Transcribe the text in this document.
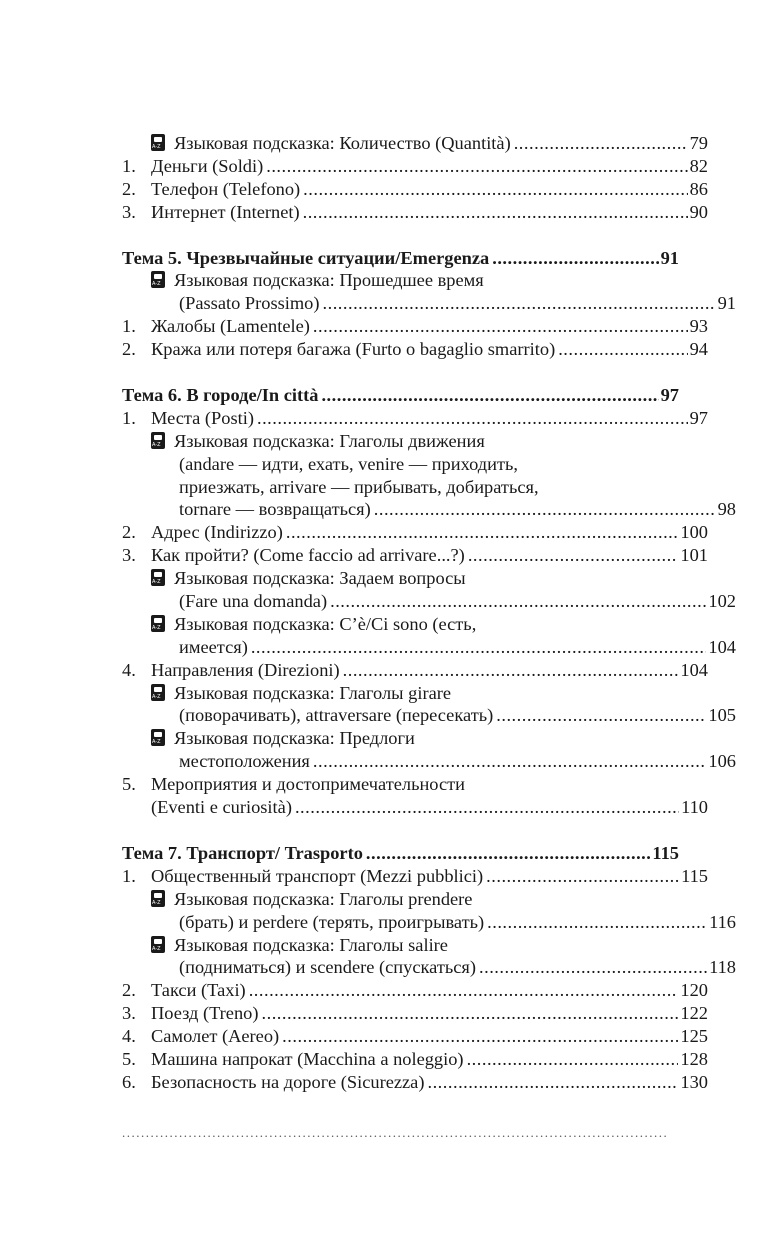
A-Z
Языковая подсказка: Количество (Quantità) .....	79
1. Деньги (Soldi) .....	82
2. Телефон (Telefono) .....	86
3. Интернет (Internet) .....	90
Тема 5. Чрезвычайные ситуации/Emergenza .....	91
A-Z
Языковая подсказка: Прошедшее время
(Passato Prossimo) .....	91
1. Жалобы (Lamentele) .....	93
2. Кража или потеря багажа (Furto o bagaglio smarrito) .....	94
Тема 6. В городе/In città .....	97
1. Места (Posti) .....	97
A-Z
Языковая подсказка: Глаголы движения
(andare — идти, ехать, venire — приходить,
приезжать, arrivare — прибывать, добираться,
tornare — возвращаться) .....	98
2. Адрес (Indirizzo) .....	100
3. Как пройти? (Come faccio ad arrivare...?) .....	101
A-Z
Языковая подсказка: Задаем вопросы
(Fare una domanda) .....	102
A-Z
Языковая подсказка: C’è/Ci sono (есть,
имеется) .....	104
4. Направления (Direzioni) .....	104
A-Z
Языковая подсказка: Глаголы girare
(поворачивать), attraversare (пересекать) .....	105
A-Z
Языковая подсказка: Предлоги
местоположения .....	106
5. Мероприятия и достопримечательности
(Eventi e curiosità) .....	110
Тема 7. Транспорт/ Trasporto .....	115
1. Общественный транспорт (Mezzi pubblici) .....	115
A-Z
Языковая подсказка: Глаголы prendere
(брать) и perdere (терять, проигрывать) .....	116
A-Z
Языковая подсказка: Глаголы salire
(подниматься) и scendere (спускаться) .....	118
2. Такси (Taxi) .....	120
3. Поезд (Treno) .....	122
4. Самолет (Aereo) .....	125
5. Машина напрокат (Macchina a noleggio) .....	128
6. Безопасность на дороге (Sicurezza) .....	130
...................................................................................................................
